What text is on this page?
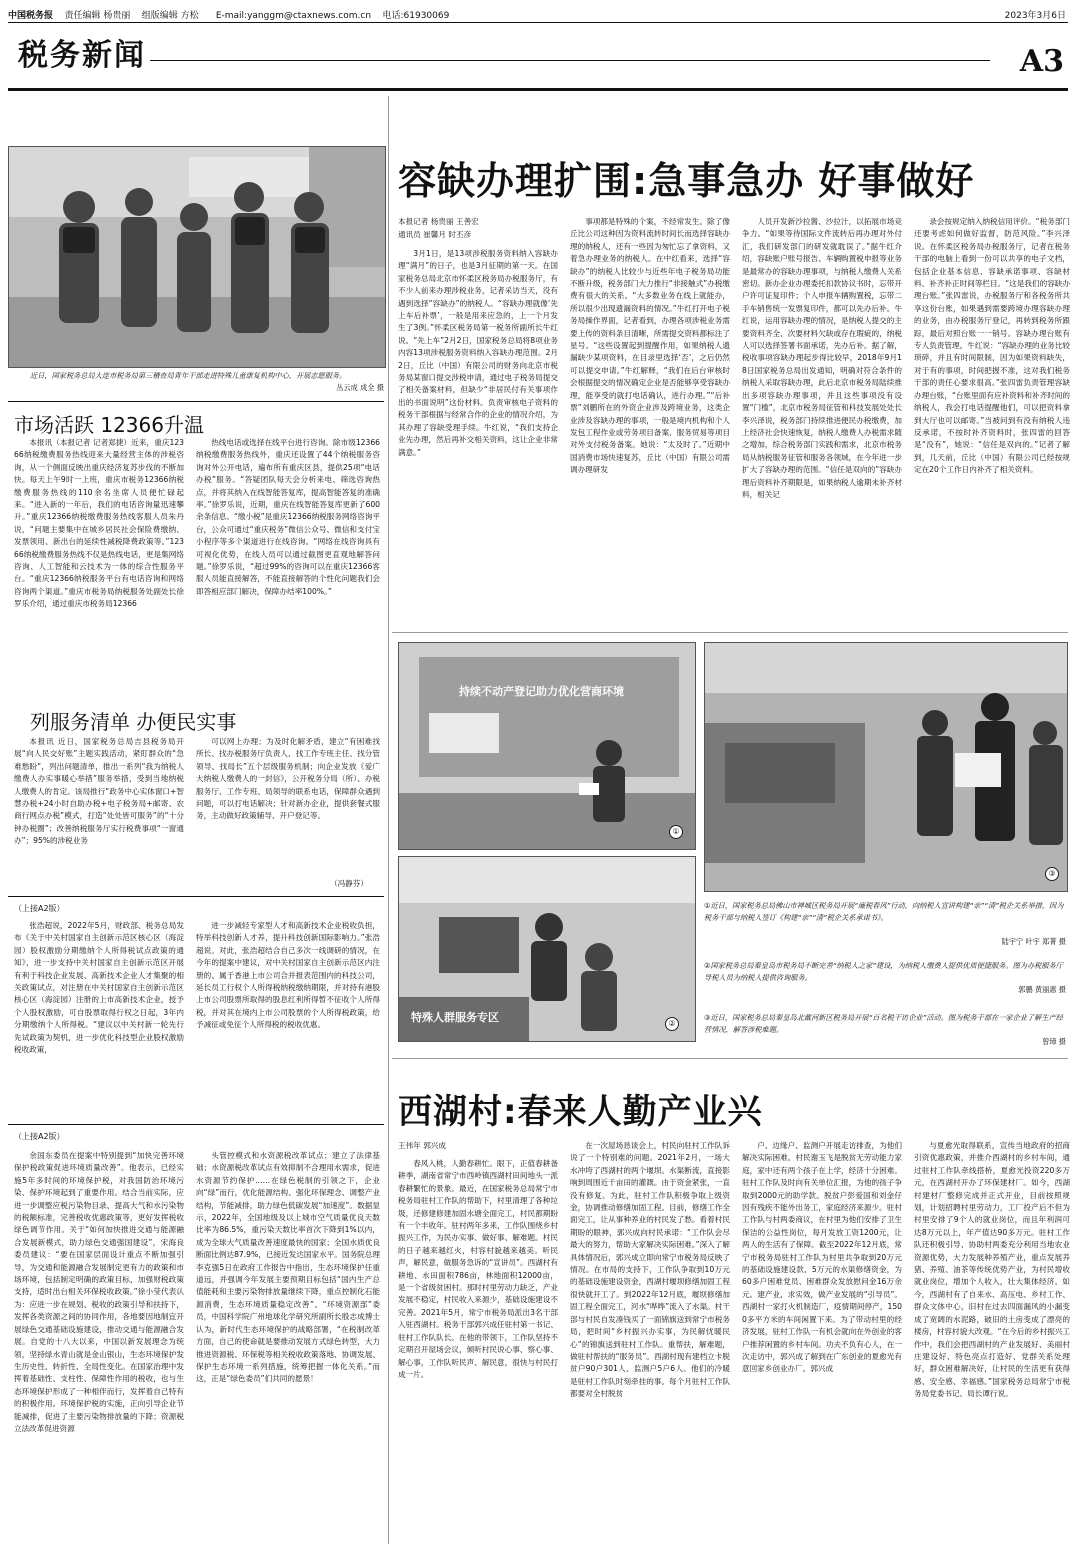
中国税务报 责任编辑 杨贵丽 组版编辑 方松 E-mail:yanggm@ctaxnews.com.cn 电话:61930069	2023年3月6日
税务新闻	A3
近日，国家税务总局大连市税务局第三稽查局青年干部走进特殊儿童康复机构中心，开展志愿服务。
丛云成 成全 摄
市场活跃 12366升温

本报讯（本报记者 记者郑捷）近来，重庆12366纳税缴费服务热线迎来大量经营主体的涉税咨询，从一个侧面反映出重庆经济复苏步伐的不断加快。每天上午9时一上班，重庆市税务12366纳税缴费服务热线的110余名坐席人员便忙碌起来。“进入新的一年后，我们的电话咨询量迅速攀升。”重庆12366纳税缴费服务热线客服人员朱丹说，“问题主要集中在城乡居民社会保险费缴纳、发票领用、新出台的延续性减税降费政策等。”12366纳税缴费服务热线不仅是热线电话，更是集网络咨询、人工智能和云技术为一体的综合性服务平台。“重庆12366纳税服务平台有电话咨询和网络咨询两个渠道。”重庆市税务局纳税服务处副处长徐罗乐介绍，通过重庆市税务局12366

热线电话或选择在线平台进行咨询。除市级12366纳税缴费服务热线外，重庆还设置了44个纳税服务咨询对外公开电话，遍布所有重庆区县，提供25项“电话办税”服务。“答疑团队每天会分析来电、筛选咨询热点，并将其纳入在线智能答复库，提高智能答复的准确率。”徐罗乐说，近期，重庆在线智能答复库更新了600余条信息。“缴小税”是重庆12366纳税服务网络咨询平台，公众可通过“重庆税务”微信公众号、微信和支付宝小程序等多个渠道进行在线咨询。“网络在线咨询具有可视化优势，在线人员可以通过截图更直观地解答问题。”徐罗乐说，“超过99%的咨询可以在重庆12366客服人员能直接解答，不能直接解答的个性化问题我们会即答相应部门解决，保障办结率100%。”

列服务清单 办便民实事

本报讯 近日，国家税务总局吉县税务局开展“向人民交好账”主题实践活动，紧盯群众的“急难愁盼”，列出问题清单，推出一系列“我为纳税人缴费人办实事暖心举措”服务举措，受到当地纳税人缴费人的肯定。该局推行“政务中心实体窗口+智慧办税+24小时自助办税+电子税务局+邮寄、农商行网点办税”模式，打造“处处皆可服务”的“十分钟办税圈”；改善纳税服务厅实行税费事项“一窗通办”；95%的涉税业务

可以网上办理；为及时化解矛盾，建立“有困难找所长、找办税服务厅负责人、找工作专班主任、找分管领导、找局长”五个层级服务机制；向企业发放《爱广大纳税人缴费人的一封信》，公开税务分局（所）、办税服务厅、工作专班、局领导的联系电话，保障群众遇到问题，可以打电话解决；针对新办企业，提供套餐式服务，主动做好政策辅导、开户登记等。

（冯静芬）
（上接A2版）

张浩超说，2022年5月，财政部、税务总局发布《关于中关村国家自主创新示范区核心区（海淀园）股权激励分期缴纳个人所得税试点政策的通知》，进一步支持中关村国家自主创新示范区开展有利于科技企业发展、高新技术企业人才集聚的相关政策试点，对注册在中关村国家自主创新示范区核心区（海淀园）注册的上市高新技术企业，授予个人股权激励，可自股票取得行权之日起，3年内分期缴纳个人所得税。“建议以中关村新一轮先行先试政策为契机，进一步优化科技型企业股权激励税收政策，

进一步减轻专家型人才和高新技术企业税收负担，特举科技创新人才养，提升科技创新国际影响力。”张浩超说。对此，张浩超结合自己多次一线调研的情况，在今年的提案中建议，对中关村国家自主创新示范区内注册的、属于香港上市公司合并报表范围内的科技公司，延长员工行权个人所得税纳税缴纳期限，并对持有港股上市公司股票所取得的股息红利所得暂不征收个人所得税，并对其在境内上市公司股票的个人所得税政策，给予减征或免征个人所得税的税收优惠。

（上接A2版）

余国东委员在提案中特别提到“加快完善环境保护税政策促进环境质量改善”。他表示，已经实施5年多时间的环境保护税，对我国防治环境污染、保护环境起到了重要作用。结合当前实际，应进一步调整应税污染物目录、提高大气和水污染物的税额标准，完善税收优惠政策等，更好发挥税收绿色调节作用。关于“如何加快推进交通与能源融合发展新模式，助力绿色交通强国建设”，宋海良委员建议：“要在国家层面设计重点不断加强引导，为交通和能源融合发展制定更有力的政策和市场环境，包括制定明确的政策目标，加强财税政策支持，适时出台相关环保税收政策。”徐小莹代表认为：应进一步在规划、税收的政策引导和扶持下，发挥各类资源之间的协同作用，各地要因地制宜开展绿色交通基础设施建设，推动交通与能源融合发展。自党的十八大以来，中国以新发展理念为统领，坚持绿水青山就是金山银山，生态环境保护发生历史性、转折性、全局性变化。在国家治理中发挥着基础性、支柱性、保障性作用的税收，也与生态环境保护形成了一种相伴而行，发挥着自己特有的积极作用。环境保护税的实施，正向引导企业节能减排，促进了主要污染物排放量的下降；资源税立法改革促进资源

头管控模式和水资源税改革试点；建立了法律基础；水资源税改革试点有效抑制不合理用水需求，促进水资源节约保护……在绿色税制的引领之下，企业向“绿”而行，优化能源结构、强化环保理念、调整产业结构，节能减排，助力绿色低碳发展“加速度”。数据显示，2022年，全国地级及以上城市空气质量优良天数比率为86.5%，重污染天数比率首次下降到1%以内，成为全球大气质量改善速度最快的国家；全国水质优良断面比例达87.9%，已接近发达国家水平。国务院总理李克强5日在政府工作报告中指出，生态环境保护任重道远，并强调今年发展主要预期目标包括“国内生产总值能耗和主要污染物排放量继续下降，重点控制化石能源消费，生态环境质量稳定改善”。“环境资源部”委员，中国科学院广州地球化学研究所副所长殷志成博士认为，新时代生态环境保护的战略部署，“在税制改革方面，自己的使命就是要推动发展方式绿色转型，大力推进资源税、环保税等相关税收政策落地、协调发展、保护生态环境一系列措施，统筹把握一体化关系。”而这，正是“绿色委员”们共同的愿景！

容缺办理扩围:急事急办 好事做好
本报记者 杨贵丽 王善宏
通讯员 崔馨月 时丕彦

3月1日，是13项涉税服务资料纳入容缺办理“满月”的日子，也是3月征期的第一天。在国家税务总局北京市怀柔区税务局办税服务厅，有不少人前来办理涉税业务，记者采访当天，没有遇到选择“容缺办”的纳税人。“容缺办理就像‘先上车后补票’，一般是用来应急的，上一个月发生了3例。”怀柔区税务局第一税务所副所长牛红说。“先上车”2月2日，国家税务总局将8项业务内容13项涉税服务资料纳入容缺办理范围。2月2日，丘比（中国）有限公司的财务向北京市税务局某窗口提交涉税申请，通过电子税务局提交了相关备案材料，但缺少“非居民付有关事项作出的书面说明”这份材料。负责审核电子资料的税务干部根据与经常合作的企业的情况介绍，为其办理了容缺受理手续。牛红说，“我们支持企业先办理，然后再补交相关资料，这让企业非常满意。”

事项都是特殊的个案，不经常发生。除了像丘比公司这种因为资料流转时间长而选择容缺办理的纳税人，还有一些因为匆忙忘了拿资料，又着急办理业务的纳税人。在中红看来，选择“容缺办”的纳税人比较少与近些年电子税务局功能不断升级，税务部门大力推行“非接触式”办税缴费有很大的关系。“大多数业务在线上就能办，所以很少出现遗漏资料的情况。”牛红打开电子税务局操作界面，记者看到，办理各项涉税业务需要上传的资料条目清晰，所需提交资料都标注了星号。“这些设置起到提醒作用，如果纳税人遗漏缺少某项资料，在目录里选择‘否’，之后仍然可以提交申请。”牛红解释，“我们在后台审核时会根据提交的情况确定企业是否能够享受容缺办理，能享受的就打电话确认，进行办理。”“后补票”刘鹏所在的外资企业涉及跨境业务，这类企业涉及容缺办理的事项，一般是境内机构和个人发包工程作业或劳务项目备案、服务贸易等项目对外支付税务备案。她说：“太及时了。”近期中国消费市场快速复苏，丘比（中国）有限公司需调办理研发

人员开发新沙拉酱、沙拉汁，以拓展市场竞争力。“如果等待国际文件流转后再办理对外付汇，我们研发部门的研发就耽误了。”据牛红介绍，容缺账户账号报告、车辆购置税申报等业务是最常办的容缺办理事项，与纳税人缴费人关系密切。新办企业办理委托扣款协议书时，忘带开户许可证复印件；个人申报车辆购置税，忘带二手车销售统一发票复印件，都可以先办后补。牛红说，运用容缺办理的情况，是纳税人提交的主要资料齐全、次要材料欠缺或存在瑕疵的，纳税人可以选择签署书面承诺，先办后补。据了解，税收事项容缺办理起步得比较早，2018年9月18日国家税务总局出发通知，明确对符合条件的纳税人采取容缺办理，此后北京市税务局陆续推出多项容缺办理事项，并且这些事项没有设置“门槛”，北京市税务局征管和科技发展处处长李兴泽说，税务部门持续推进便民办税缴费，加上经济社会快速恢复，纳税人缴费人办税需求随之增加，综合税务部门实践和需求，北京市税务局从纳税服务征管和服务各领域，在今年进一步扩大了容缺办理的范围。“信任是双向的”容缺办理后资料补齐期限是，如果纳税人逾期未补齐材料，相关记

录会按规定纳入纳税信用评价。“税务部门还要考虑如何做好监督，防范风险。”李兴泽说。在怀柔区税务局办税服务厅，记者在税务干部的电脑上看到一份可以共享的电子文档，包括企业基本信息、容缺承诺事项、容缺材料、补齐补正时间等栏目。“这是我们的容缺办理台账。”张四雷说，办税服务厅和各税务所共享这份台账，如果遇到需要跨境办理容缺办理的业务，由办税服务厅登记，再转到税务所跟踪，最后对照台账一一销号。容缺办理台账有专人负责管理。牛红说：“容缺办理的业务比较琐碎，并且有时间限制，因为如果资料缺失，对于有的事项，时间把握不准，这对我们税务干部的责任心要求很高。”张四雷负责管理容缺办理台账，“台账里面有应补资料和补齐时间的纳税人，我会打电话提醒他们，可以把资料拿到大厅也可以邮寄。”当被问到有没有纳税人违反承诺，不按时补齐资料时，张四雷的回答是“没有”，她说：“信任是双向的。”记者了解到，几天前，丘比（中国）有限公司已经按规定在20个工作日内补齐了相关资料。

持续不动产登记助力优化营商环境
①
特殊人群服务专区	②
③
①近日，国家税务总局佛山市禅城区税务局开展“廉税春风”行动，向纳税人宣讲构建“亲”“清”税企关系举措，因为税务干部与纳税人签订《构建“亲”“清”税企关系承诺书》。
陆宇宁 叶宇 郑菁 摄
②国家税务总局秦皇岛市税务局不断完善“纳税人之家”建设，为纳税人缴费人提供优质便捷服务。图为办税服务厅导税人员为纳税人提供咨询服务。
郭鹏 黄丽惠 摄
③近日，国家税务总局秦皇岛北戴河新区税务局开展“百名税干访企业”活动。图为税务干部在一家企业了解生产经营情况，解答涉税难题。
曾璋 摄
西湖村:春来人勤产业兴
王伟年 郭兴成

春风入桃，人勤春耕忙。眼下，正值春耕备耕季，湖南省常宁市西岭镇西湖村田间地头一派春耕繁忙的景象。最近，在国家税务总局常宁市税务局驻村工作队的帮助下，村里清理了各种垃圾，还修建修建加固水塘全面完工，村民都期盼有一个丰收年。驻村两年多来，工作队围绕乡村振兴工作，为民办实事、做好事、解难题。村民的日子越来越红火，村容村貌越来越美。听民声，解民意，做服务急诉的“宣讲员”。西湖村有耕地、水田面积786亩，林地面积12000亩，是一个省级贫困村。那时村里劳动力缺乏，产业发展不稳定，村民收入来源少，基础设施建设不完善。2021年5月，常宁市税务局派出3名干部入驻西湖村。税务干部郭兴成任驻村第一书记、驻村工作队队长。在他的带领下，工作队坚持不定期召开屋场会议，倾听村民说心事、察心事、解心事，工作队听民声、解民意，很快与村民打成一片。

在一次屋场恳谈会上，村民向驻村工作队诉说了一个特别难的问题。2021年2月，一场大水冲垮了西湖村的两个堰坝。水渠断流，直接影响到周围近千亩田的灌溉。由于资金紧张，一直没有修复。为此，驻村工作队积极争取上级资金，协调推动修缮加固工程。目前，修缮工作全面完工，让从事种养业的村民发了愁。看着村民期盼的眼神，郭兴成向村民承诺：“工作队会尽最大的努力，帮助大家解决实际困难。”深入了解具体情况后，郭兴成立即向常宁市税务局反映了情况。在市局的支持下，工作队争取到10万元的基础设施建设资金，西湖村堰坝修缮加固工程很快就开工了。到2022年12月底，堰坝修缮加固工程全面完工，河水“哗哗”流入了水渠。村干部与村民自发凑钱买了一面锦旗送到常宁市税务局，把时间“乡村振兴办实事，为民解忧暖民心”的锦旗送到驻村工作队。重帮扶，解难题，做驻村帮扶的“服务员”。西湖村现有建档立卡脱贫户90户301人、监测户5户6人。他们的冷暖是驻村工作队时刻牵挂的事。每个月驻村工作队都要对全村脱贫

户、边缘户、监测户开展走访排查，为他们解决实际困难。村民谢玉飞是脱贫无劳动能力家庭，家中还有两个孩子在上学，经济十分困难。驻村工作队及时向有关单位汇报，为他的孩子争取到2000元的助学款。脱贫户彭爱国和刘金仔因有残疾不能外出务工，家庭经济来源少。驻村工作队与村两委商议，在村里为他们安排了卫生保洁的公益性岗位，每月发放工资1200元，让两人的生活有了保障。截至2022年12月底，常宁市税务局驻村工作队为村里共争取到20万元的基础设施建设款、5万元的水渠修缮资金，为60多户困难党员、困难群众发放慰问金16万余元。建产业，求实效，做产业发展的“引导员”。西湖村一家打火机制造厂，疫情期间停产，1500多平方米的车间闲置下来。为了带动村里的经济发展，驻村工作队一有机会就向在外创业的客户推荐闲置的乡村车间。功夫不负有心人，在一次走访中，郭兴成了解到在广东创业的夏愈光有意回家乡创业办厂。郭兴成

与夏愈光取得联系，宣传当地政府的招商引资优惠政策，并推介西湖村的乡村车间，通过驻村工作队牵线搭桥，夏愈光投资220多万元，在西湖村开办了环保建材厂。如今，西湖村建材厂整修完成并正式开业，目前按照规划，计划招聘村里劳动力，工厂投产后不但为村里安排了9个人的就业岗位，而且年利润可达8万元以上，年产值达90多万元。驻村工作队还积极引导、协助村两委充分利用当地农业资源优势，大力发展种养殖产业，重点发展养猪、养殖、油茶等传统优势产业，为村民增收就业岗位，增加个人收入，壮大集体经济。如今，西湖村有了自来水、高压电、乡村工作、群众文体中心，旧村在过去四面漏风的小漏变成了宽阔的水泥路，破旧的土房变成了漂亮的楼房，村容村貌大改观。“在今后的乡村振兴工作中，我们会把西湖村的产业发展好、美丽村庄建设好、特色亮点打造好、党群关系处理好，群众困难解决好，让村民的生活更有获得感、安全感、幸福感。”国家税务总局常宁市税务局党委书记、局长谭行说。
